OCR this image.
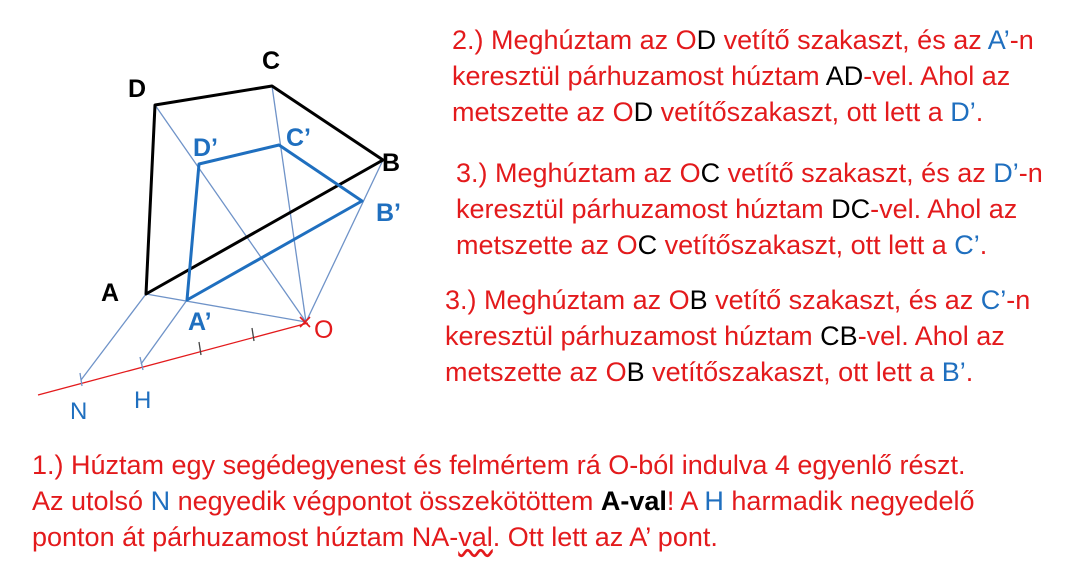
A
B
C
D
A’
B’
C’
D’
O
N H
2.) Meghúztam az OD vetítő szakaszt, és az A’-n
keresztül párhuzamost húztam AD-vel. Ahol az
metszette az OD vetítőszakaszt, ott lett a D’.
3.) Meghúztam az OC vetítő szakaszt, és az D’-n
keresztül párhuzamost húztam DC-vel. Ahol az
metszette az OC vetítőszakaszt, ott lett a C’.
3.) Meghúztam az OB vetítő szakaszt, és az C’-n
keresztül párhuzamost húztam CB-vel. Ahol az
metszette az OB vetítőszakaszt, ott lett a B’.
1.) Húztam egy segédegyenest és felmértem rá O-ból indulva 4 egyenlő részt.
Az utolsó N negyedik végpontot összekötöttem A-val! A H harmadik negyedelő
ponton át párhuzamost húztam NA-val. Ott lett az A’ pont.
